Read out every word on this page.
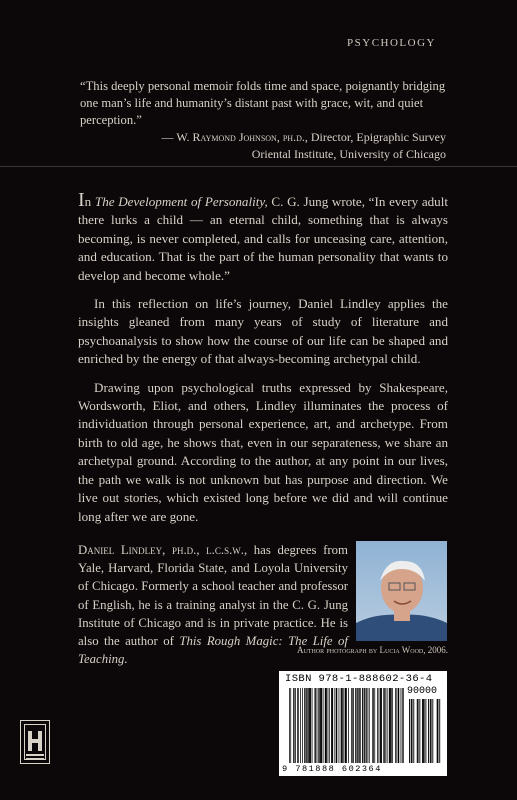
PSYCHOLOGY

“This deeply personal memoir folds time and space, poignantly bridging one man’s life and humanity’s distant past with grace, wit, and quiet perception.”

— W. Raymond Johnson, ph.d., Director, Epigraphic Survey
Oriental Institute, University of Chicago

In The Development of Personality, C. G. Jung wrote, “In every adult there lurks a child — an eternal child, something that is always becoming, is never completed, and calls for unceasing care, attention, and education. That is the part of the human personality that wants to develop and become whole.”

In this reflection on life’s journey, Daniel Lindley applies the insights gleaned from many years of study of literature and psychoanalysis to show how the course of our life can be shaped and enriched by the energy of that always-becoming archetypal child.

Drawing upon psychological truths expressed by Shakespeare, Wordsworth, Eliot, and others, Lindley illuminates the process of individuation through personal experience, art, and archetype. From birth to old age, he shows that, even in our separateness, we share an archetypal ground. According to the author, at any point in our lives, the path we walk is not unknown but has purpose and direction. We live out stories, which existed long before we did and will continue long after we are gone.

Daniel Lindley, ph.d., l.c.s.w., has degrees from Yale, Harvard, Florida State, and Loyola University of Chicago. Formerly a school teacher and professor of English, he is a training analyst in the C. G. Jung Institute of Chicago and is in private practice. He is also the author of This Rough Magic: The Life of Teaching.
Author photograph by Lucia Wood, 2006.
ISBN 978-1-888602-36-4
90000
9 781888 602364
